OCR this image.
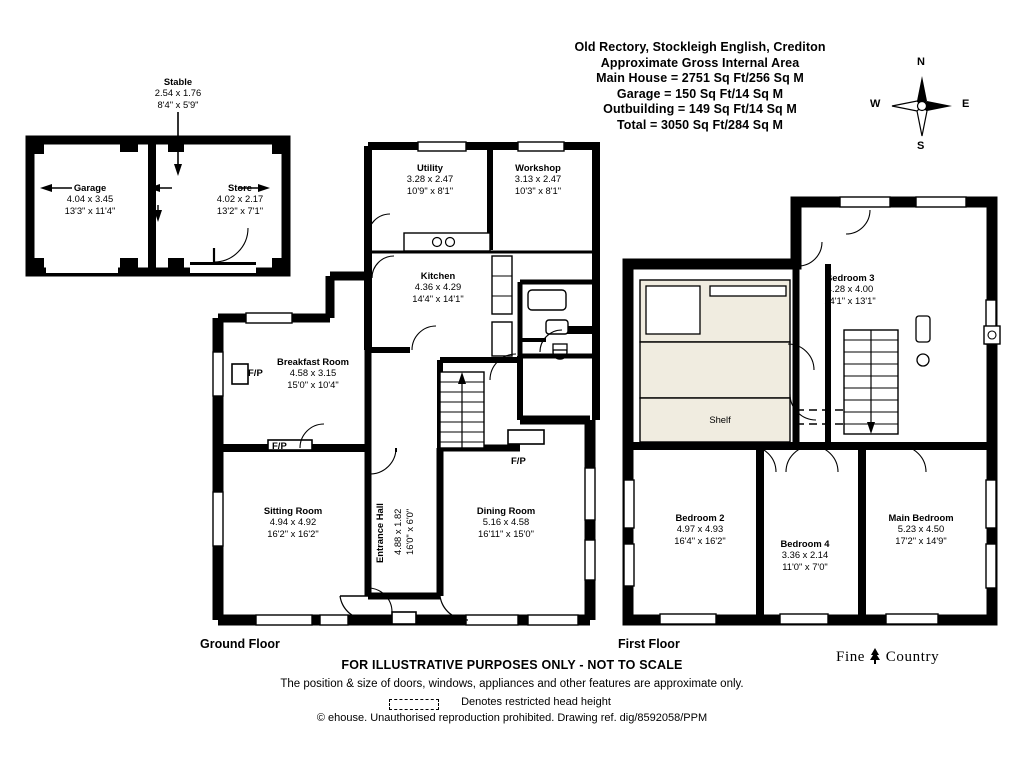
Old Rectory, Stockleigh English, Crediton
Approximate Gross Internal Area
Main House = 2751 Sq Ft/256 Sq M
Garage = 150 Sq Ft/14 Sq M
Outbuilding = 149 Sq Ft/14 Sq M
Total = 3050 Sq Ft/284 Sq M
N
S
W	E
Stable
2.54 x 1.76
8'4" x 5'9"
Garage
4.04 x 3.45
13'3" x 11'4"
Store
4.02 x 2.17
13'2" x 7'1"
Utility
3.28 x 2.47
10'9" x 8'1"
Workshop
3.13 x 2.47
10'3" x 8'1"
Kitchen
4.36 x 4.29
14'4" x 14'1"
Breakfast Room
4.58 x 3.15
15'0" x 10'4"
Sitting Room
4.94 x 4.92
16'2" x 16'2"	Entrance Hall 4.88 x 1.82 16'0" x 6'0"	Dining Room
5.16 x 4.58
16'11" x 15'0"
Bedroom 3
4.28 x 4.00
14'1" x 13'1"
Bedroom 2
4.97 x 4.93
16'4" x 16'2"	Bedroom 4
3.36 x 2.14
11'0" x 7'0"
Main Bedroom
5.23 x 4.50
17'2" x 14'9"
F/P
F/P
F/P
Shelf
Ground Floor	First Floor
Fine Country
FOR ILLUSTRATIVE PURPOSES ONLY - NOT TO SCALE
The position & size of doors, windows, appliances and other features are approximate only.
Denotes restricted head height
© ehouse. Unauthorised reproduction prohibited. Drawing ref. dig/8592058/PPM
